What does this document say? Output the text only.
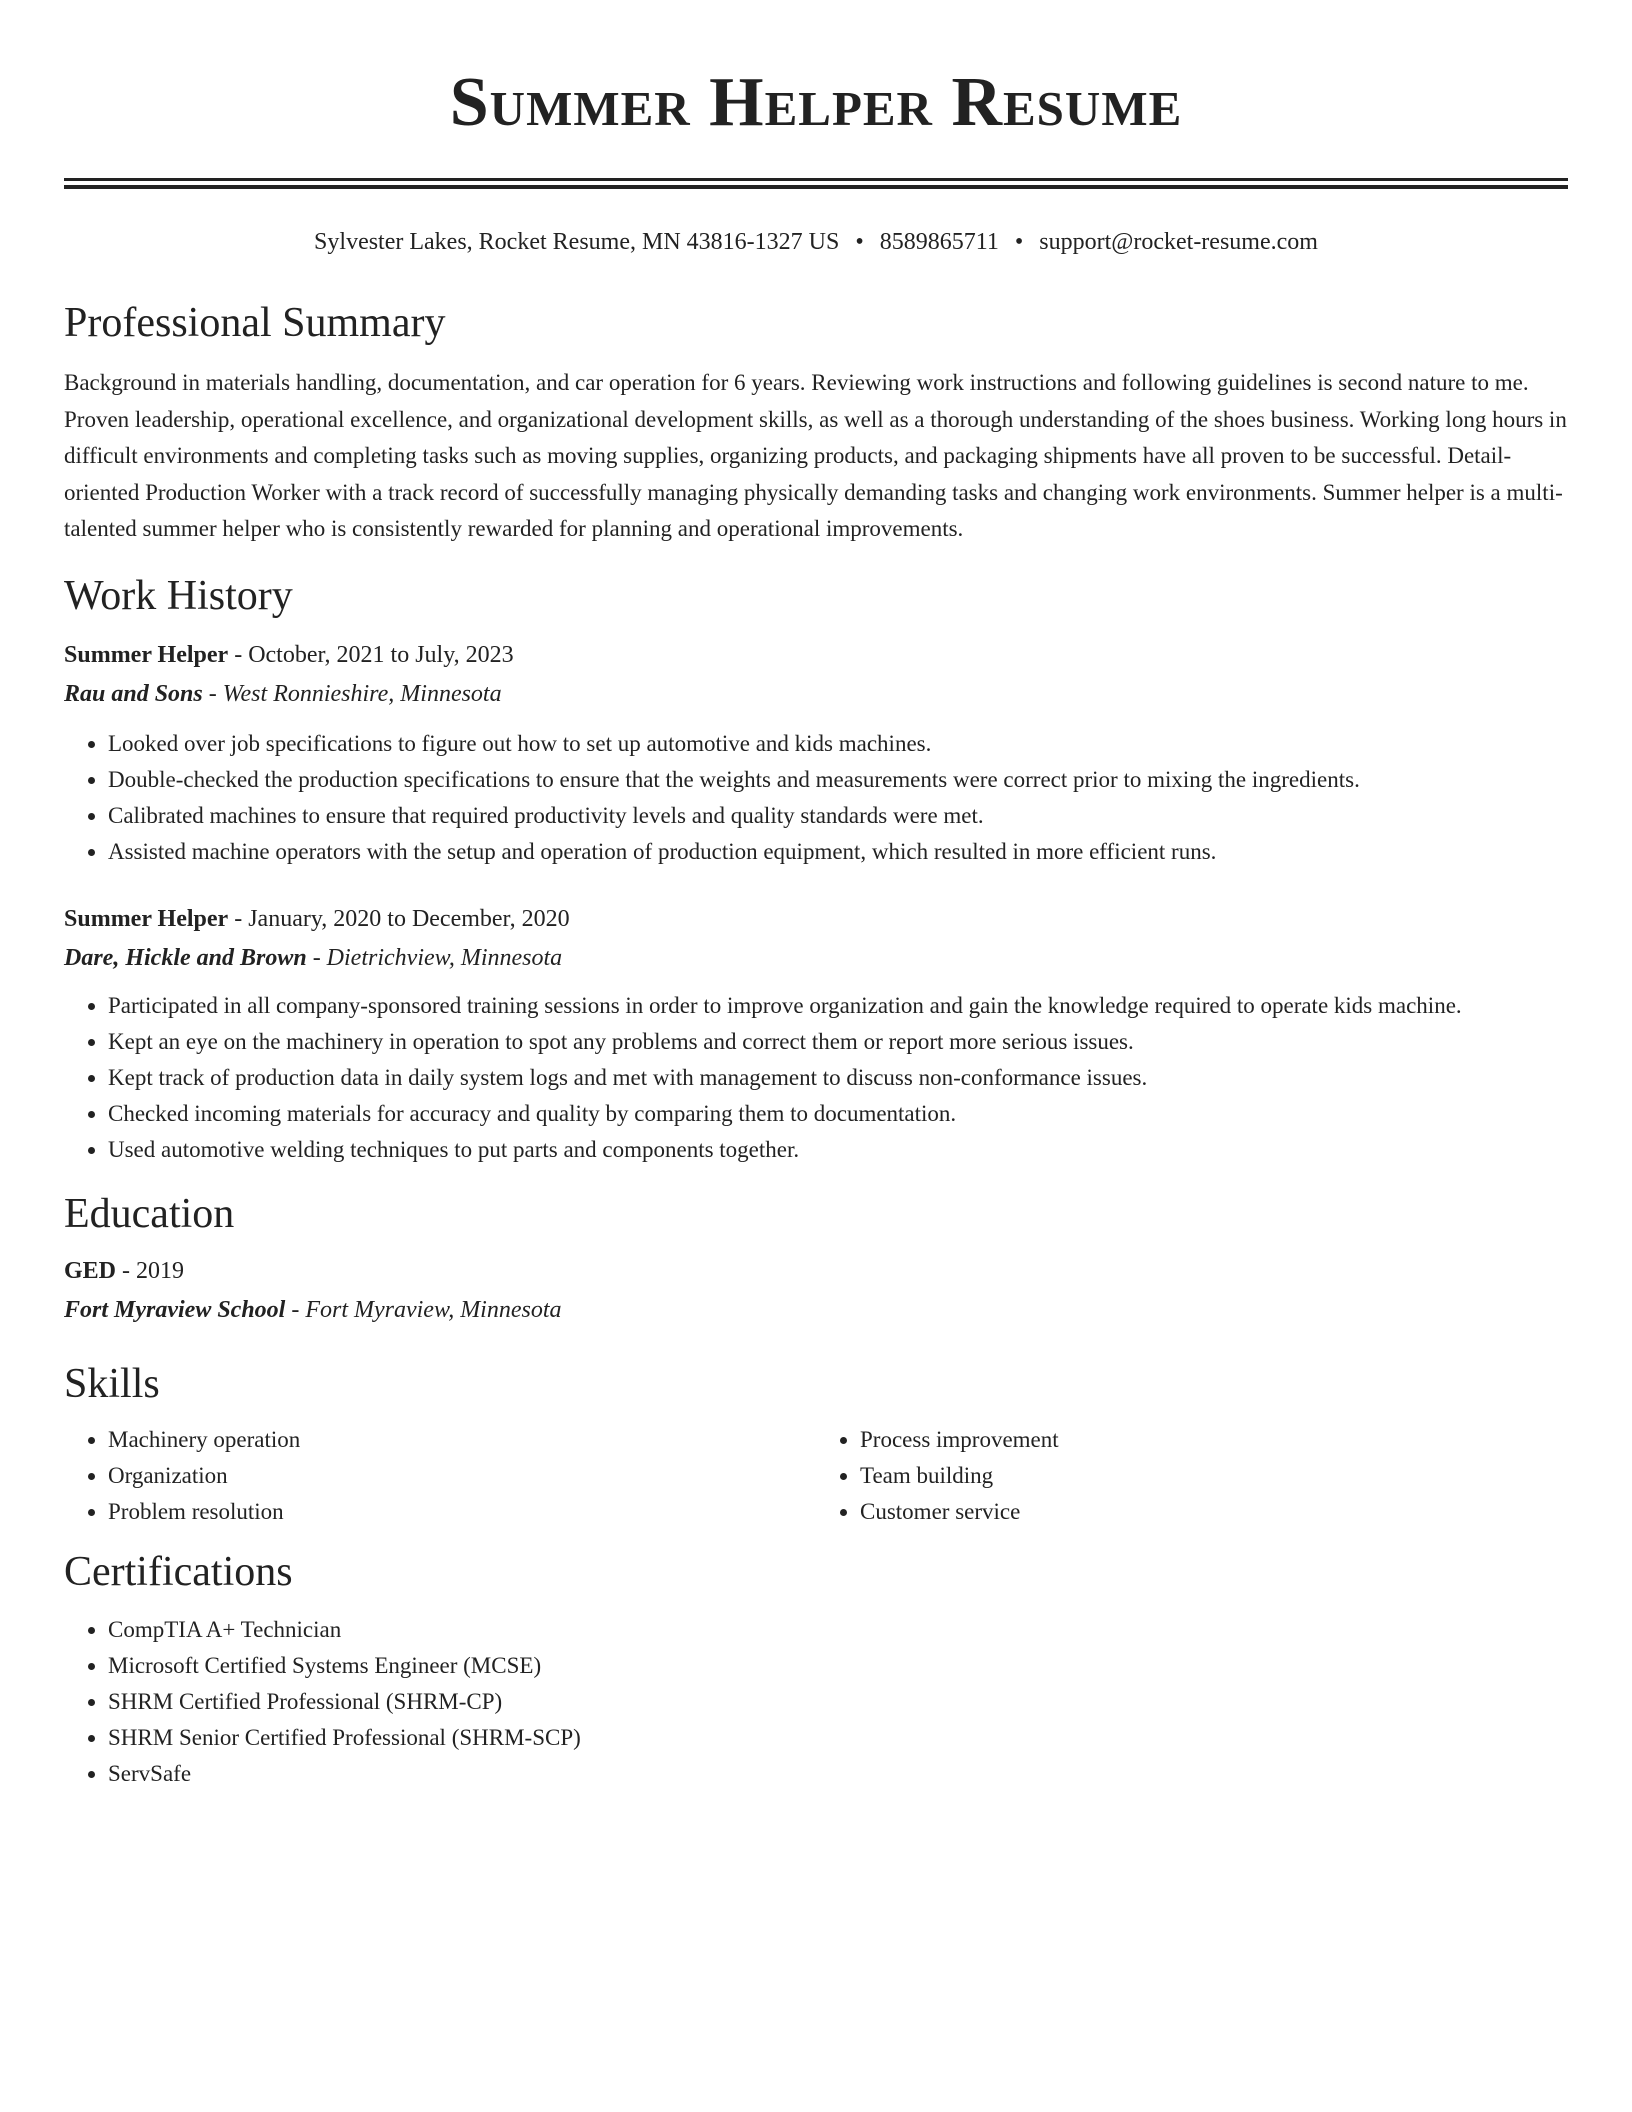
Summer Helper Resume
Sylvester Lakes, Rocket Resume, MN 43816-1327 US • 8589865711 • support@rocket-resume.com
Professional Summary

Background in materials handling, documentation, and car operation for 6 years. Reviewing work instructions and following guidelines is second nature to me. Proven leadership, operational excellence, and organizational development skills, as well as a thorough understanding of the shoes business. Working long hours in difficult environments and completing tasks such as moving supplies, organizing products, and packaging shipments have all proven to be successful. Detail-oriented Production Worker with a track record of successfully managing physically demanding tasks and changing work environments. Summer helper is a multi-talented summer helper who is consistently rewarded for planning and operational improvements.

Work History
Summer Helper - October, 2021 to July, 2023
Rau and Sons - West Ronnieshire, Minnesota
• Looked over job specifications to figure out how to set up automotive and kids machines.
• Double-checked the production specifications to ensure that the weights and measurements were correct prior to mixing the ingredients.
• Calibrated machines to ensure that required productivity levels and quality standards were met.
• Assisted machine operators with the setup and operation of production equipment, which resulted in more efficient runs.
Summer Helper - January, 2020 to December, 2020
Dare, Hickle and Brown - Dietrichview, Minnesota
• Participated in all company-sponsored training sessions in order to improve organization and gain the knowledge required to operate kids machine.
• Kept an eye on the machinery in operation to spot any problems and correct them or report more serious issues.
• Kept track of production data in daily system logs and met with management to discuss non-conformance issues.
• Checked incoming materials for accuracy and quality by comparing them to documentation.
• Used automotive welding techniques to put parts and components together.
Education
GED - 2019
Fort Myraview School - Fort Myraview, Minnesota
Skills
• Machinery operation
• Organization
• Problem resolution
• Process improvement
• Team building
• Customer service
Certifications
• CompTIA A+ Technician
• Microsoft Certified Systems Engineer (MCSE)
• SHRM Certified Professional (SHRM-CP)
• SHRM Senior Certified Professional (SHRM-SCP)
• ServSafe
